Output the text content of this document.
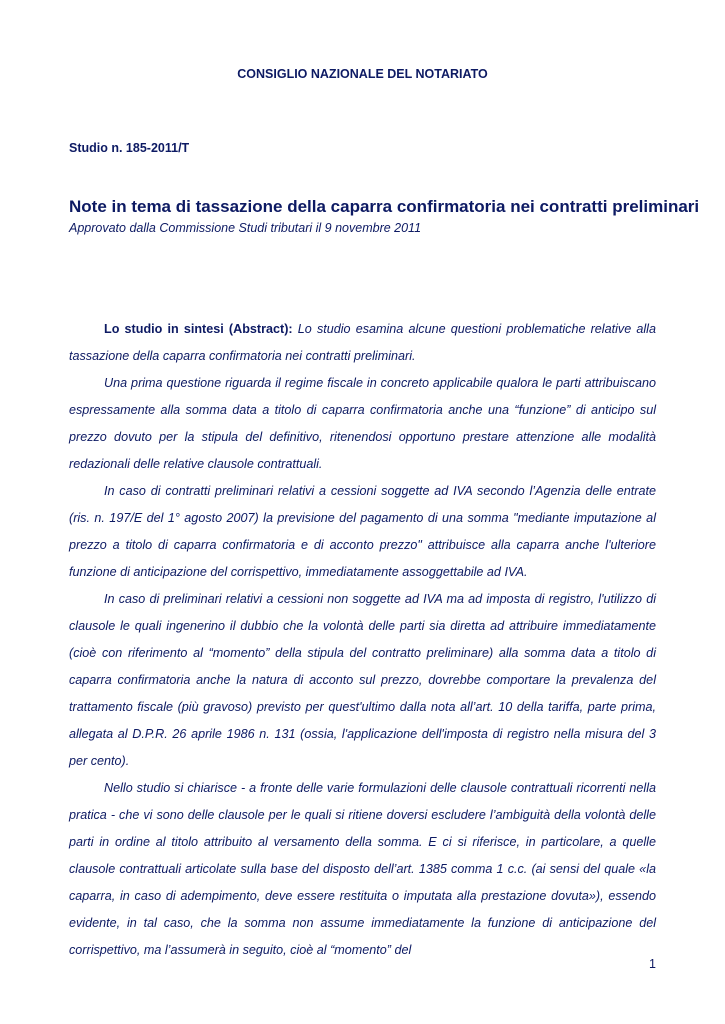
CONSIGLIO NAZIONALE DEL NOTARIATO
Studio n. 185-2011/T
Note in tema di tassazione della caparra confirmatoria nei contratti preliminari
Approvato dalla Commissione Studi tributari il 9 novembre 2011

Lo studio in sintesi (Abstract): Lo studio esamina alcune questioni problematiche relative alla tassazione della caparra confirmatoria nei contratti preliminari.

Una prima questione riguarda il regime fiscale in concreto applicabile qualora le parti attribuiscano espressamente alla somma data a titolo di caparra confirmatoria anche una “funzione” di anticipo sul prezzo dovuto per la stipula del definitivo, ritenendosi opportuno prestare attenzione alle modalità redazionali delle relative clausole contrattuali.

In caso di contratti preliminari relativi a cessioni soggette ad IVA secondo l’Agenzia delle entrate (ris. n. 197/E del 1° agosto 2007) la previsione del pagamento di una somma "mediante imputazione al prezzo a titolo di caparra confirmatoria e di acconto prezzo" attribuisce alla caparra anche l'ulteriore funzione di anticipazione del corrispettivo, immediatamente assoggettabile ad IVA.

In caso di preliminari relativi a cessioni non soggette ad IVA ma ad imposta di registro, l'utilizzo di clausole le quali ingenerino il dubbio che la volontà delle parti sia diretta ad attribuire immediatamente (cioè con riferimento al “momento” della stipula del contratto preliminare) alla somma data a titolo di caparra confirmatoria anche la natura di acconto sul prezzo, dovrebbe comportare la prevalenza del trattamento fiscale (più gravoso) previsto per quest'ultimo dalla nota all’art. 10 della tariffa, parte prima, allegata al D.P.R. 26 aprile 1986 n. 131 (ossia, l'applicazione dell'imposta di registro nella misura del 3 per cento).

Nello studio si chiarisce - a fronte delle varie formulazioni delle clausole contrattuali ricorrenti nella pratica - che vi sono delle clausole per le quali si ritiene doversi escludere l’ambiguità della volontà delle parti in ordine al titolo attribuito al versamento della somma. E ci si riferisce, in particolare, a quelle clausole contrattuali articolate sulla base del disposto dell’art. 1385 comma 1 c.c. (ai sensi del quale «la caparra, in caso di adempimento, deve essere restituita o imputata alla prestazione dovuta»), essendo evidente, in tal caso, che la somma non assume immediatamente la funzione di anticipazione del corrispettivo, ma l’assumerà in seguito, cioè al “momento” del

1
